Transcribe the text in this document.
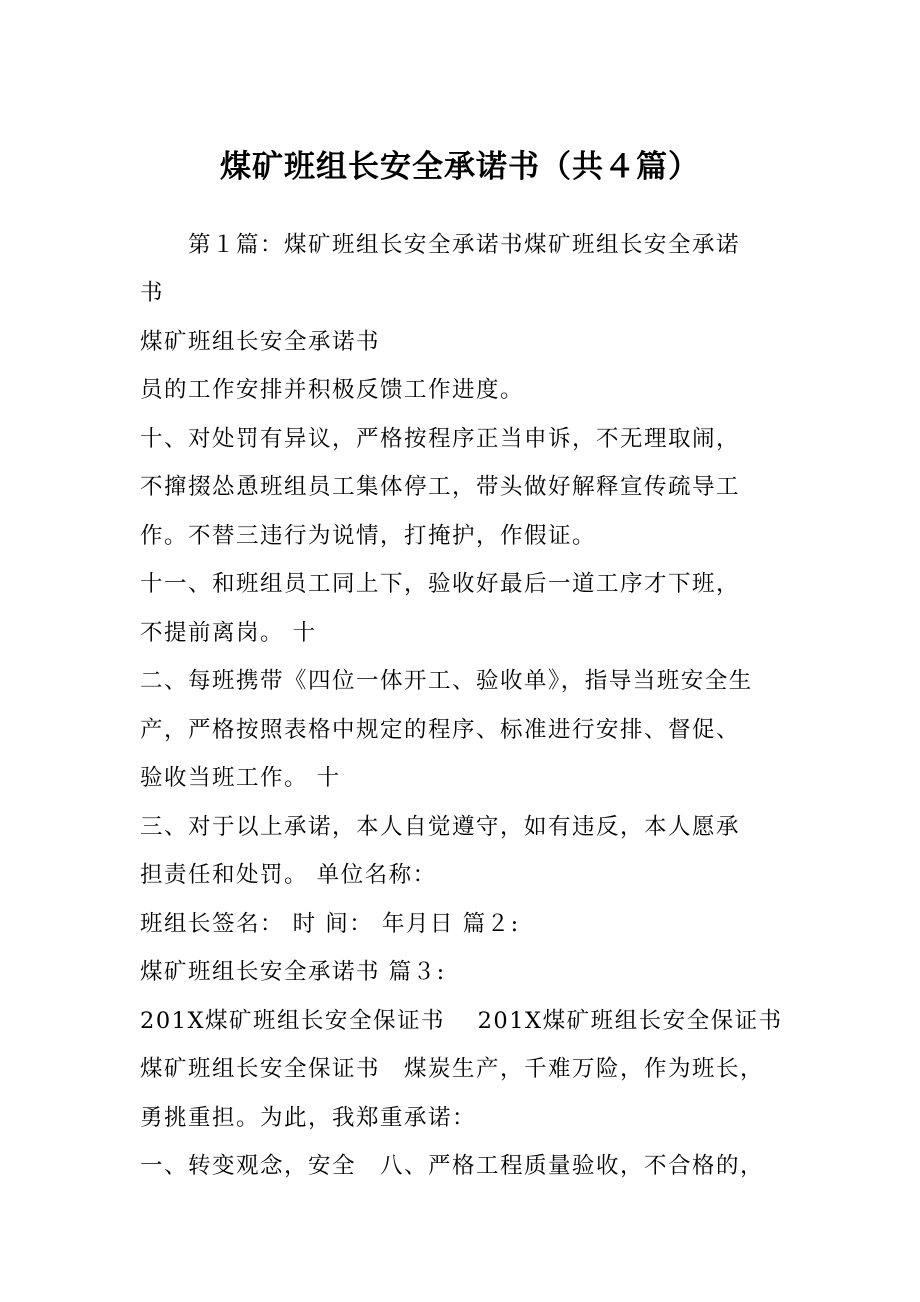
煤矿班组长安全承诺书（共４篇）
　　第１篇：煤矿班组长安全承诺书煤矿班组长安全承诺
书
煤矿班组长安全承诺书
员的工作安排并积极反馈工作进度。
十、对处罚有异议，严格按程序正当申诉，不无理取闹，
不撺掇怂恿班组员工集体停工，带头做好解释宣传疏导工
作。不替三违行为说情，打掩护，作假证。
十一、和班组员工同上下，验收好最后一道工序才下班，
不提前离岗。 十
二、每班携带《四位一体开工、验收单》，指导当班安全生
产，严格按照表格中规定的程序、标准进行安排、督促、
验收当班工作。 十
三、对于以上承诺，本人自觉遵守，如有违反，本人愿承
担责任和处罚。 单位名称：
班组长签名： 时 间： 年月日 篇２:
煤矿班组长安全承诺书 篇３:
201X煤矿班组长安全保证书　 201X煤矿班组长安全保证书
煤矿班组长安全保证书　煤炭生产，千难万险，作为班长，
勇挑重担。为此，我郑重承诺：
一、转变观念，安全　八、严格工程质量验收，不合格的，
